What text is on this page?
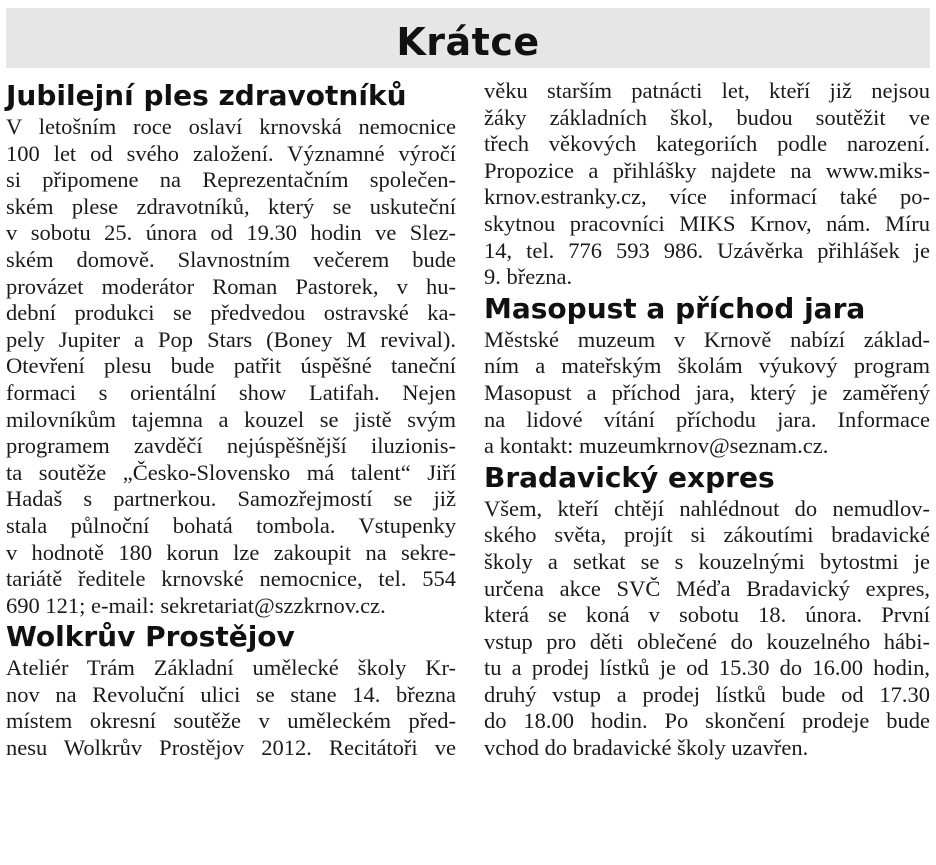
Krátce
Jubilejní ples zdravotníků
V letošním roce oslaví krnovská nemocnice
100 let od svého založení. Významné výročí
si připomene na Reprezentačním společen-
ském plese zdravotníků, který se uskuteční
v sobotu 25. února od 19.30 hodin ve Slez-
ském domově. Slavnostním večerem bude
provázet moderátor Roman Pastorek, v hu-
dební produkci se předvedou ostravské ka-
pely Jupiter a Pop Stars (Boney M revival).
Otevření plesu bude patřit úspěšné taneční
formaci s orientální show Latifah. Nejen
milovníkům tajemna a kouzel se jistě svým
programem zavděčí nejúspěšnější iluzionis-
ta soutěže „Česko-Slovensko má talent“ Jiří
Hadaš s partnerkou. Samozřejmostí se již
stala půlnoční bohatá tombola. Vstupenky
v hodnotě 180 korun lze zakoupit na sekre-
tariátě ředitele krnovské nemocnice, tel. 554
690 121; e-mail: sekretariat@szzkrnov.cz.
Wolkrův Prostějov
Ateliér Trám Základní umělecké školy Kr-
nov na Revoluční ulici se stane 14. března
místem okresní soutěže v uměleckém před-
nesu Wolkrův Prostějov 2012. Recitátoři ve
věku starším patnácti let, kteří již nejsou
žáky základních škol, budou soutěžit ve
třech věkových kategoriích podle narození.
Propozice a přihlášky najdete na www.miks-
krnov.estranky.cz, více informací také po-
skytnou pracovníci MIKS Krnov, nám. Míru
14, tel. 776 593 986. Uzávěrka přihlášek je
9. března.
Masopust a příchod jara
Městské muzeum v Krnově nabízí základ-
ním a mateřským školám výukový program
Masopust a příchod jara, který je zaměřený
na lidové vítání příchodu jara. Informace
a kontakt: muzeumkrnov@seznam.cz.
Bradavický expres
Všem, kteří chtějí nahlédnout do nemudlov-
ského světa, projít si zákoutími bradavické
školy a setkat se s kouzelnými bytostmi je
určena akce SVČ Méďa Bradavický expres,
která se koná v sobotu 18. února. První
vstup pro děti oblečené do kouzelného hábi-
tu a prodej lístků je od 15.30 do 16.00 hodin,
druhý vstup a prodej lístků bude od 17.30
do 18.00 hodin. Po skončení prodeje bude
vchod do bradavické školy uzavřen.
